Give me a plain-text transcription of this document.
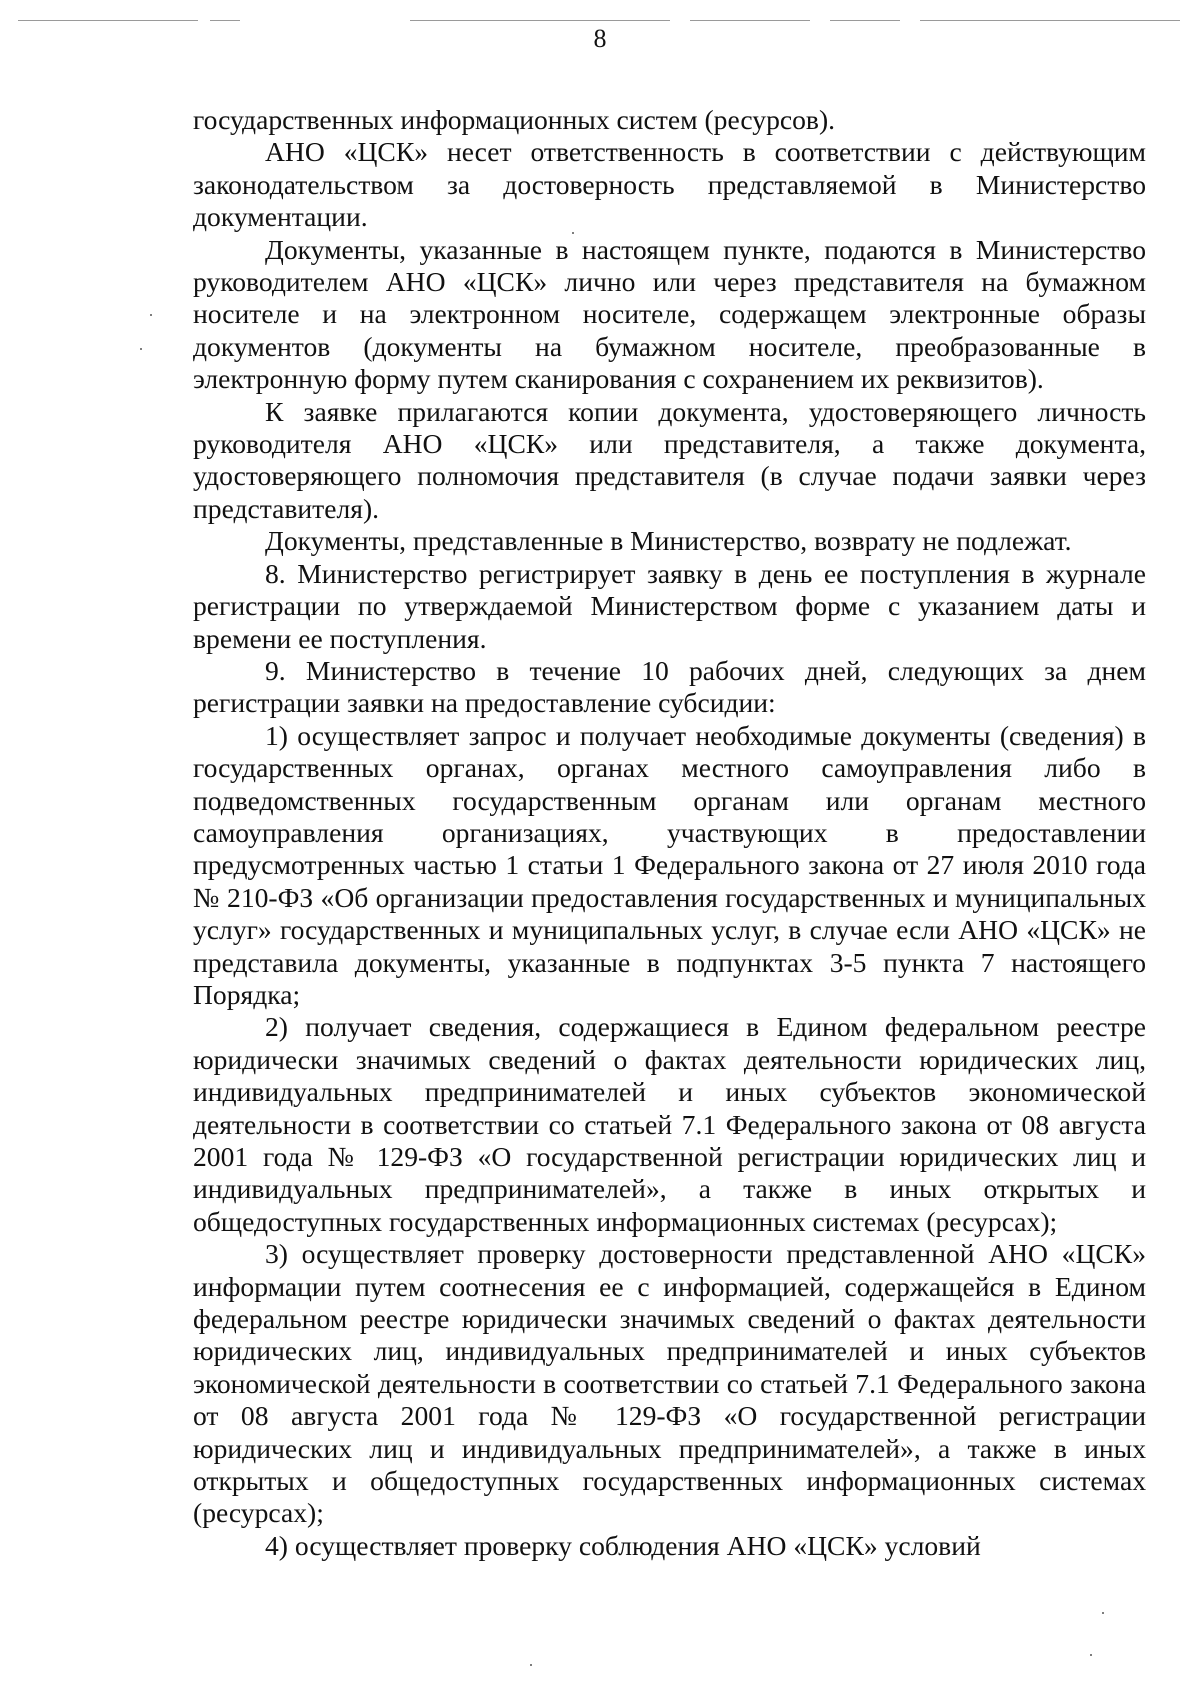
8

государственных информационных систем (ресурсов).

АНО «ЦСК» несет ответственность в соответствии с действующим законодательством за достоверность представляемой в Министерство документации.

Документы, указанные в настоящем пункте, подаются в Министерство руководителем АНО «ЦСК» лично или через представителя на бумажном носителе и на электронном носителе, содержащем электронные образы документов (документы на бумажном носителе, преобразованные в электронную форму путем сканирования с сохранением их реквизитов).

К заявке прилагаются копии документа, удостоверяющего личность руководителя АНО «ЦСК» или представителя, а также документа, удостоверяющего полномочия представителя (в случае подачи заявки через представителя).

Документы, представленные в Министерство, возврату не подлежат.

8. Министерство регистрирует заявку в день ее поступления в журнале регистрации по утверждаемой Министерством форме с указанием даты и времени ее поступления.

9. Министерство в течение 10 рабочих дней, следующих за днем регистрации заявки на предоставление субсидии:

1) осуществляет запрос и получает необходимые документы (сведения) в государственных органах, органах местного самоуправления либо в подведомственных государственным органам или органам местного самоуправления организациях, участвующих в предоставлении предусмотренных частью 1 статьи 1 Федерального закона от 27 июля 2010 года № 210-ФЗ «Об организации предоставления государственных и муниципальных услуг» государственных и муниципальных услуг, в случае если АНО «ЦСК» не представила документы, указанные в подпунктах 3-5 пункта 7 настоящего Порядка;

2) получает сведения, содержащиеся в Едином федеральном реестре юридически значимых сведений о фактах деятельности юридических лиц, индивидуальных предпринимателей и иных субъектов экономической деятельности в соответствии со статьей 7.1 Федерального закона от 08 августа 2001 года № 129-ФЗ «О государственной регистрации юридических лиц и индивидуальных предпринимателей», а также в иных открытых и общедоступных государственных информационных системах (ресурсах);

3) осуществляет проверку достоверности представленной АНО «ЦСК» информации путем соотнесения ее с информацией, содержащейся в Едином федеральном реестре юридически значимых сведений о фактах деятельности юридических лиц, индивидуальных предпринимателей и иных субъектов экономической деятельности в соответствии со статьей 7.1 Федерального закона от 08 августа 2001 года № 129-ФЗ «О государственной регистрации юридических лиц и индивидуальных предпринимателей», а также в иных открытых и общедоступных государственных информационных системах (ресурсах);

4) осуществляет проверку соблюдения АНО «ЦСК» условий
